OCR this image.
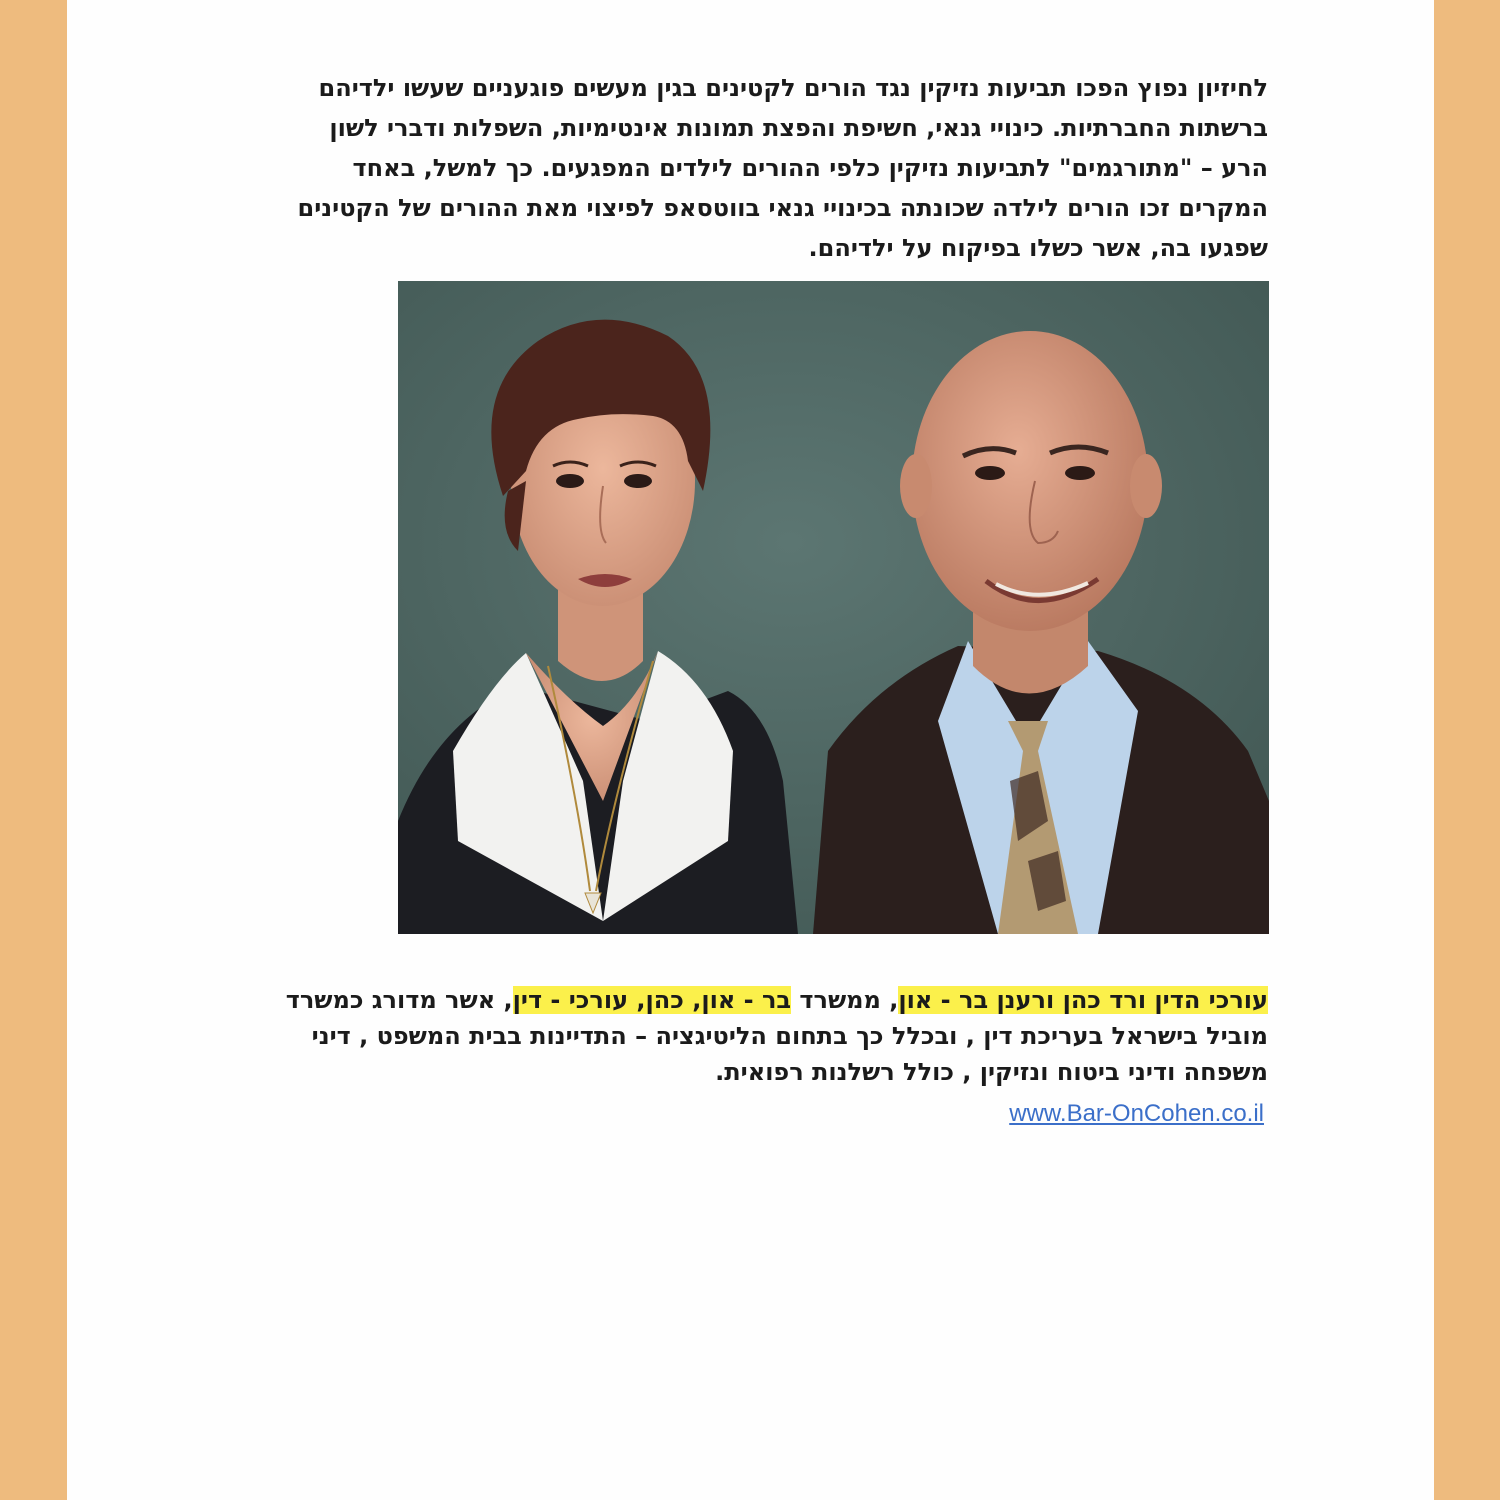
לחיזיון נפוץ הפכו תביעות נזיקין נגד הורים לקטינים בגין מעשים פוגעניים שעשו ילדיהם ברשתות החברתיות. כינויי גנאי, חשיפת והפצת תמונות אינטימיות, השפלות ודברי לשון הרע – "מתורגמים" לתביעות נזיקין כלפי ההורים לילדים המפגעים. כך למשל, באחד המקרים זכו הורים לילדה שכונתה בכינויי גנאי בווטסאפ לפיצוי מאת ההורים של הקטינים שפגעו בה, אשר כשלו בפיקוח על ילדיהם.

עורכי הדין ורד כהן ורענן בר - און, ממשרד בר - און, כהן, עורכי - דין, אשר מדורג כמשרד מוביל בישראל בעריכת דין , ובכלל כך בתחום הליטיגציה – התדיינות בבית המשפט , דיני משפחה ודיני ביטוח ונזיקין , כולל רשלנות רפואית.

www.Bar-OnCohen.co.il
